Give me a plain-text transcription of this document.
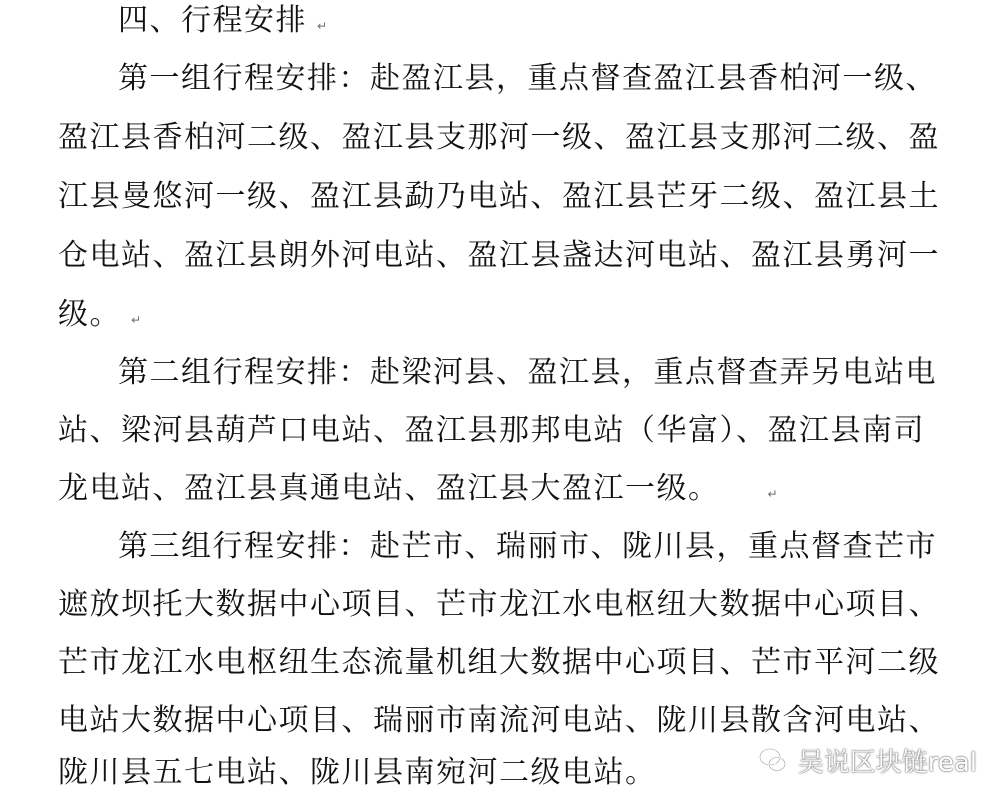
四、行程安排 ↵
第一组行程安排：赴盈江县，重点督查盈江县香柏河一级、
盈江县香柏河二级、盈江县支那河一级、盈江县支那河二级、盈
江县曼悠河一级、盈江县勐乃电站、盈江县芒牙二级、盈江县土
仓电站、盈江县朗外河电站、盈江县盏达河电站、盈江县勇河一
级。 ↵
第二组行程安排：赴梁河县、盈江县，重点督查弄另电站电
站、梁河县葫芦口电站、盈江县那邦电站（华富）、盈江县南司
龙电站、盈江县真通电站、盈江县大盈江一级。	↵
第三组行程安排：赴芒市、瑞丽市、陇川县，重点督查芒市
遮放坝托大数据中心项目、芒市龙江水电枢纽大数据中心项目、
芒市龙江水电枢纽生态流量机组大数据中心项目、芒市平河二级
电站大数据中心项目、瑞丽市南流河电站、陇川县散含河电站、
陇川县五七电站、陇川县南宛河二级电站。	吴说区块链real
